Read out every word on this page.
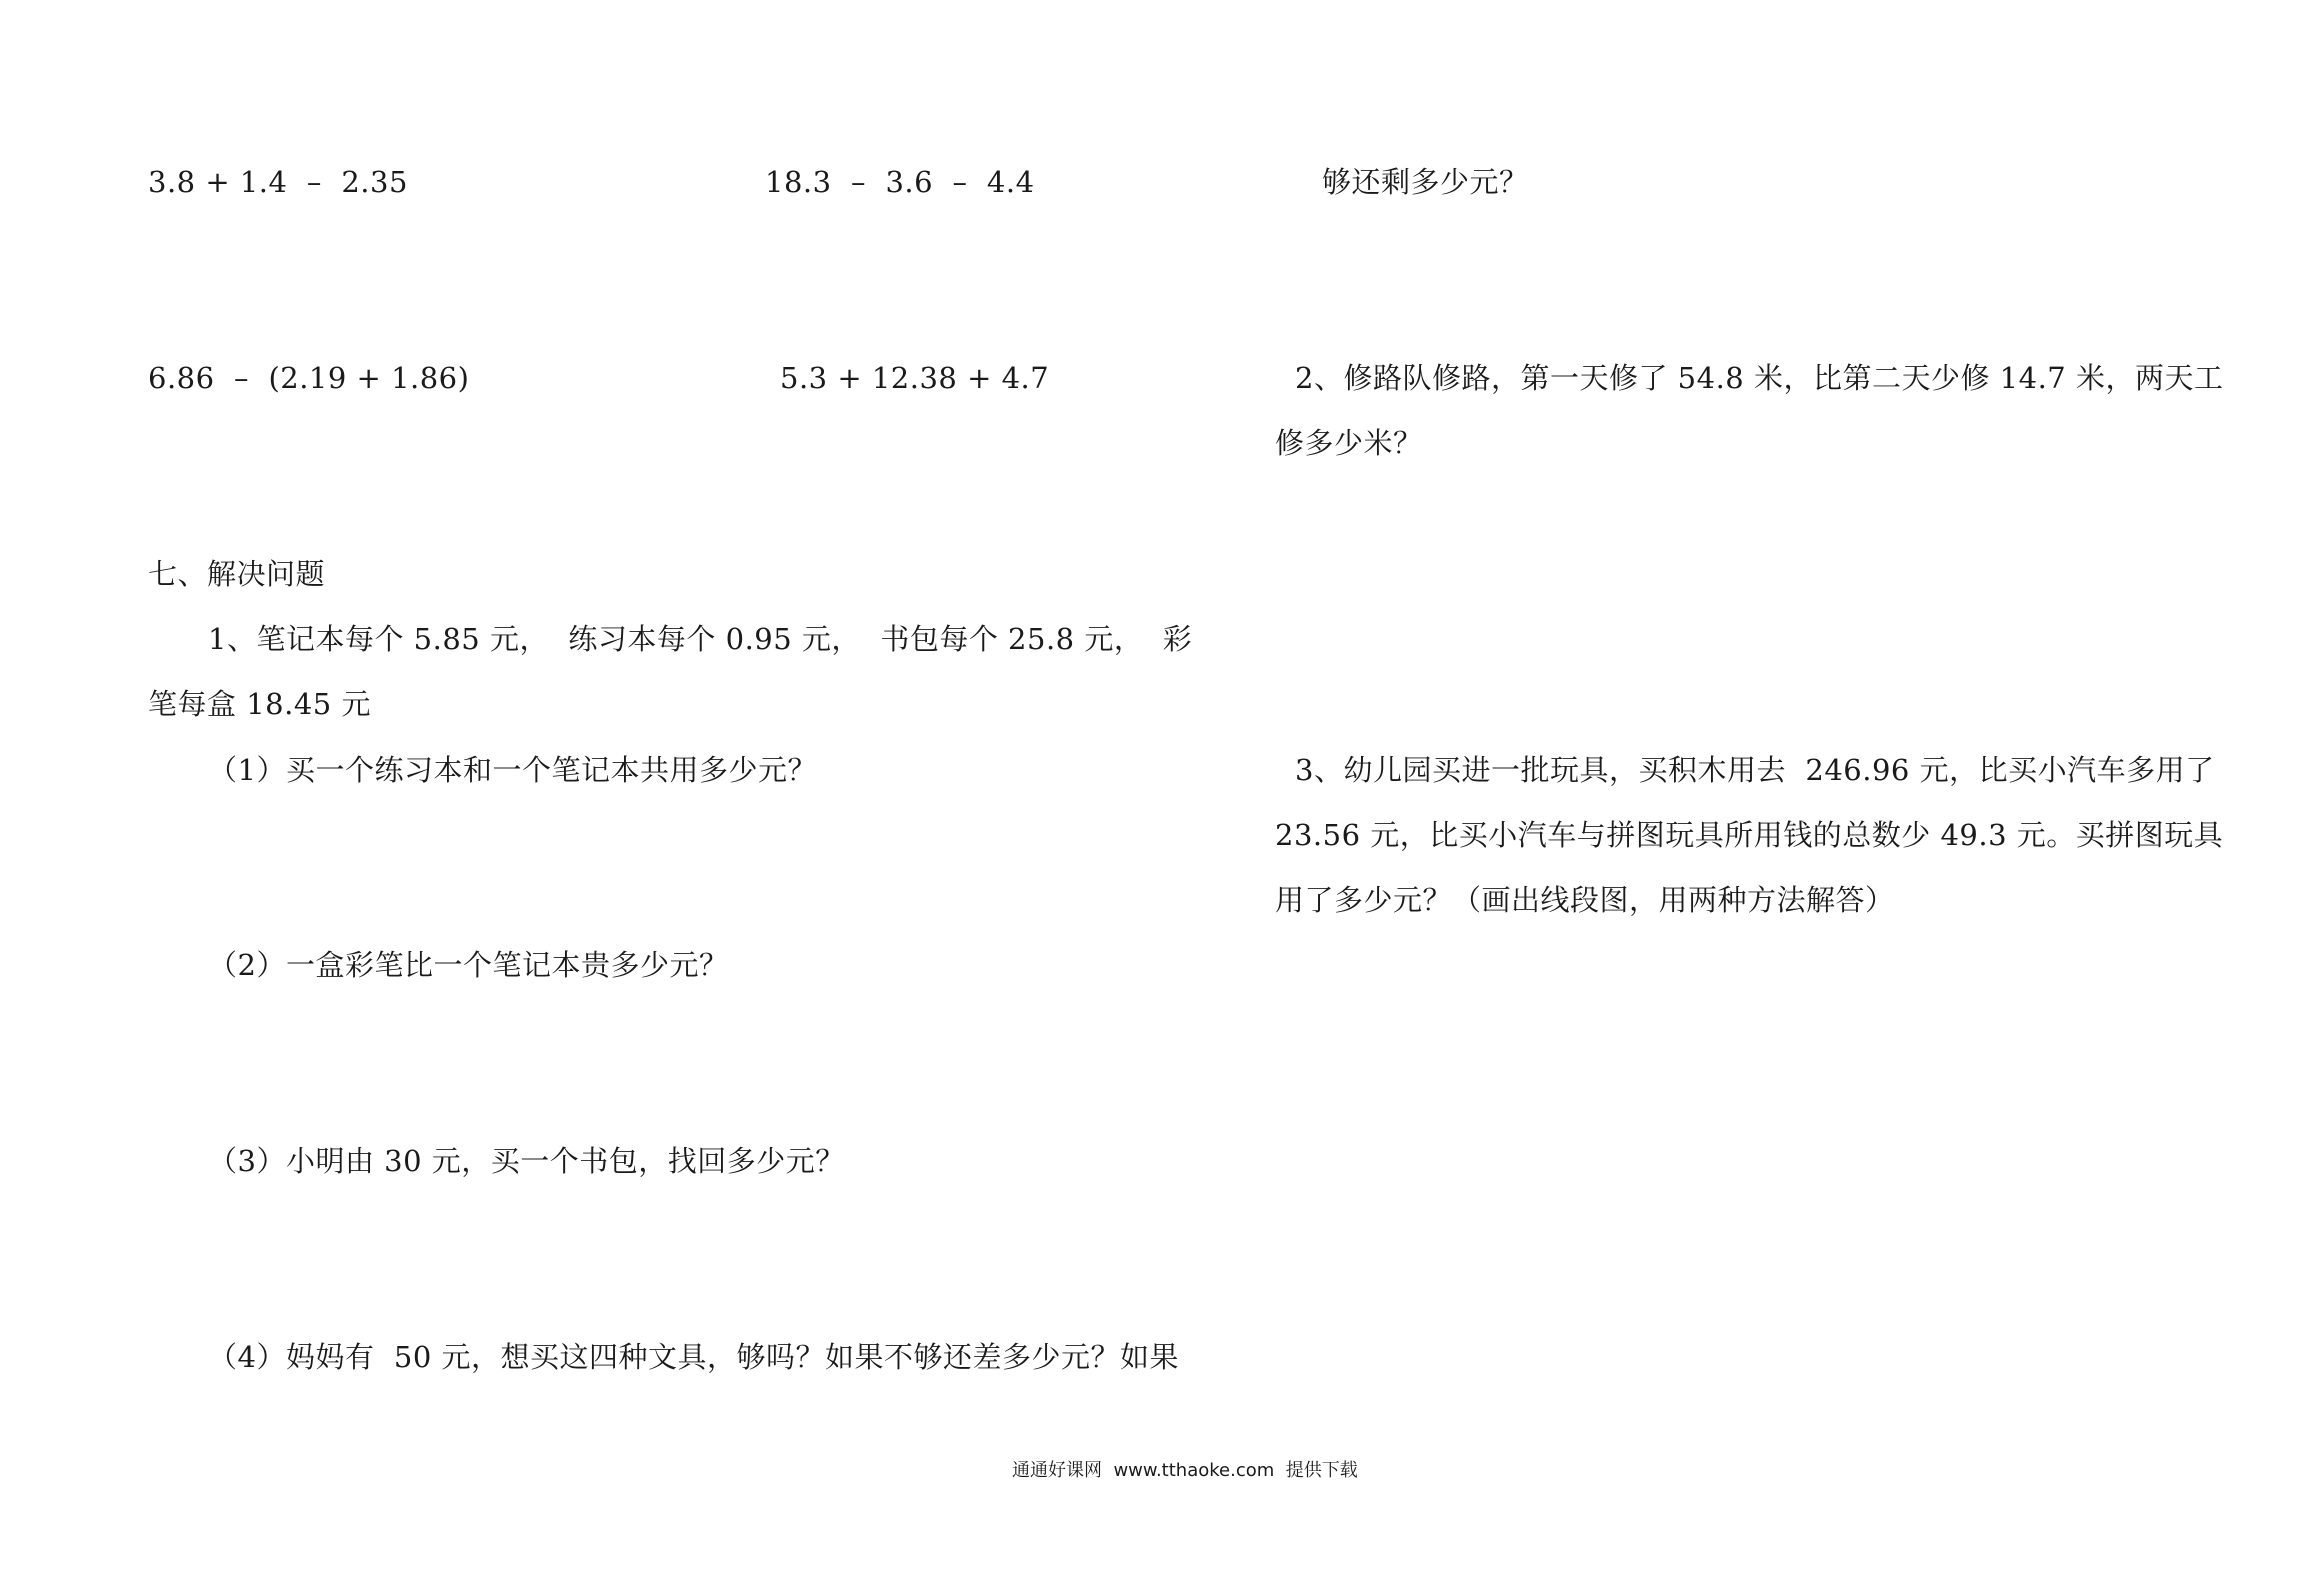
3.8 + 1.4  –  2.35	18.3  –  3.6  –  4.4
6.86  –  (2.19 + 1.86)	5.3 + 12.38 + 4.7
七、解决问题
1、笔记本每个 5.85 元，  练习本每个 0.95 元，  书包每个 25.8 元，  彩
笔每盒 18.45 元
（1）买一个练习本和一个笔记本共用多少元？
（2）一盒彩笔比一个笔记本贵多少元？
（3）小明由 30 元，买一个书包，找回多少元？
（4）妈妈有  50 元，想买这四种文具，够吗？如果不够还差多少元？如果
够还剩多少元？
2、修路队修路，第一天修了 54.8 米，比第二天少修 14.7 米，两天工
修多少米？
3、幼儿园买进一批玩具，买积木用去  246.96 元，比买小汽车多用了
23.56 元，比买小汽车与拼图玩具所用钱的总数少 49.3 元。买拼图玩具
用了多少元？（画出线段图，用两种方法解答）
通通好课网  www.tthaoke.com  提供下载
